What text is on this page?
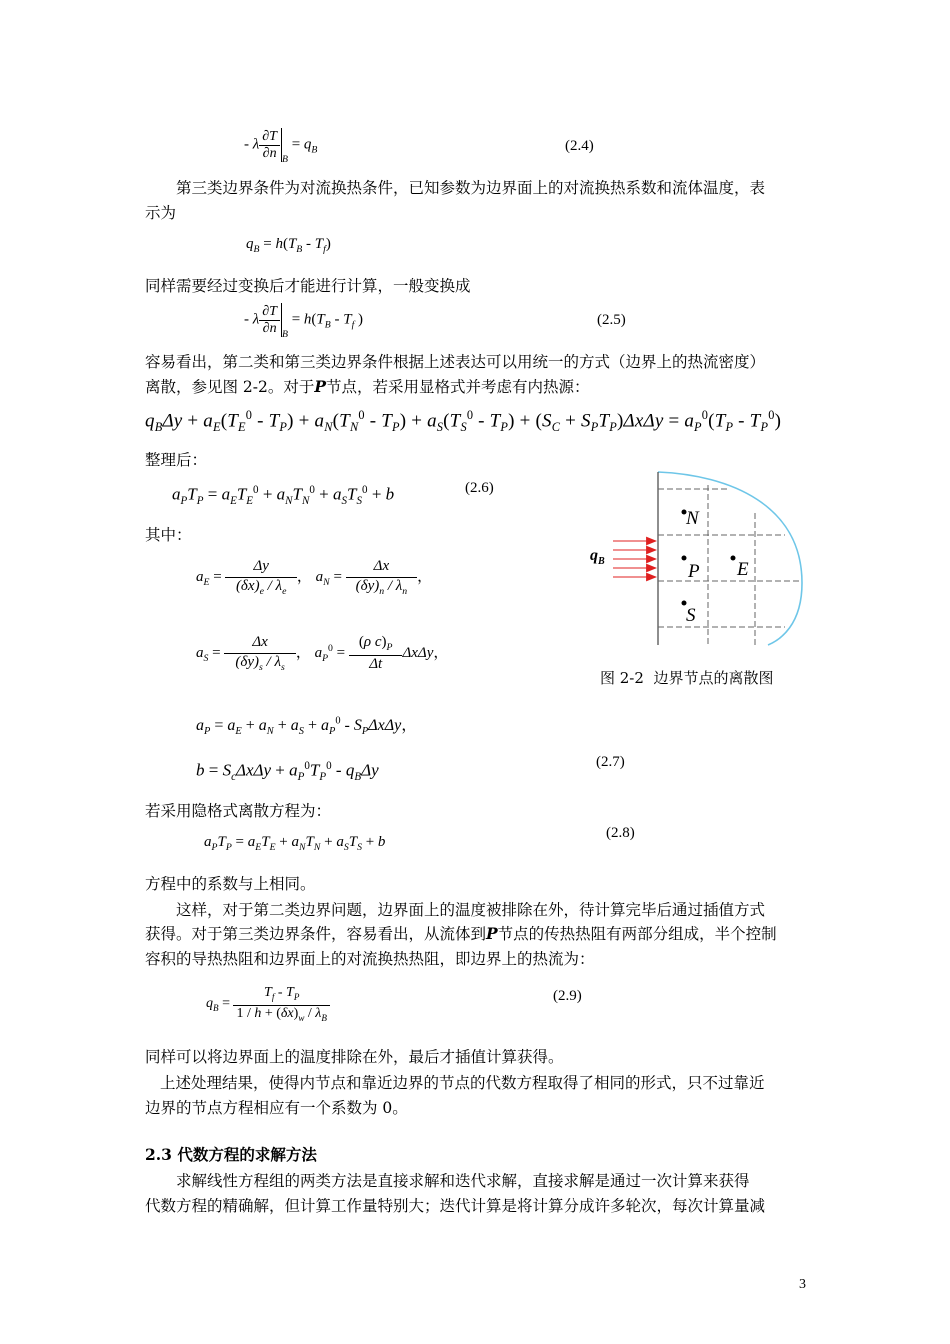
- λ $\frac{\partial T}{\partial n} _B = q_B$	(2.4)
第三类边界条件为对流换热条件，已知参数为边界面上的对流换热系数和流体温度，表
示为
$q_B = h(T_B - T_f)$
同样需要经过变换后才能进行计算，一般变换成
- λ $\frac{\partial T}{\partial n} _B = h(T_B - T_f$ )	(2.5)
容易看出，第二类和第三类边界条件根据上述表达可以用统一的方式（边界上的热流密度）
离散，参见图 2-2。对于P节点，若采用显格式并考虑有内热源：
$q_B\Delta y + a_E(T_E^0 - T_P) + a_N(T_N^0 - T_P) + a_S(T_S^0 - T_P) + (S_C + S_PT_P)\Delta x\Delta y = a_P^0(T_P - T_P^0)$
整理后：
$a_PT_P = a_ET_E^0 + a_NT_N^0 + a_ST_S^0 + b$	(2.6)
其中：
$a_E = \frac{\Delta y}{(\delta x)_e / \lambda_e}$ ， $a_N = \frac{\Delta x}{(\delta y)_n / \lambda_n}$ ，
$a_S = \frac{\Delta x}{(\delta y)_s / \lambda_s}$ ， $a_P^0 = \frac{(\rho c)_P}{\Delta t}$ ΔxΔy，
$a_P = a_E + a_N + a_S + a_P^0 - S_P\Delta x\Delta y$，
$b = S_c\Delta x\Delta y + a_P^0T_P^0 - q_B\Delta y$	(2.7)
若采用隐格式离散方程为：
$a_PT_P = a_ET_E + a_NT_N + a_ST_S + b$
(2.8)
方程中的系数与上相同。
这样，对于第二类边界问题，边界面上的温度被排除在外，待计算完毕后通过插值方式
获得。对于第三类边界条件，容易看出，从流体到P节点的传热热阻有两部分组成，半个控制
容积的导热热阻和边界面上的对流换热热阻，即边界上的热流为：
$q_B = \frac{T_f - T_P}{1 / h + (\delta x)_w / \lambda_B}$	(2.9)
同样可以将边界面上的温度排除在外，最后才插值计算获得。
上述处理结果，使得内节点和靠近边界的节点的代数方程取得了相同的形式，只不过靠近
边界的节点方程相应有一个系数为 0。
2.3 代数方程的求解方法
求解线性方程组的两类方法是直接求解和迭代求解，直接求解是通过一次计算来获得
代数方程的精确解，但计算工作量特别大；迭代计算是将计算分成许多轮次，每次计算量减
3
$q_B$
N
P E
S
图 2-2  边界节点的离散图
